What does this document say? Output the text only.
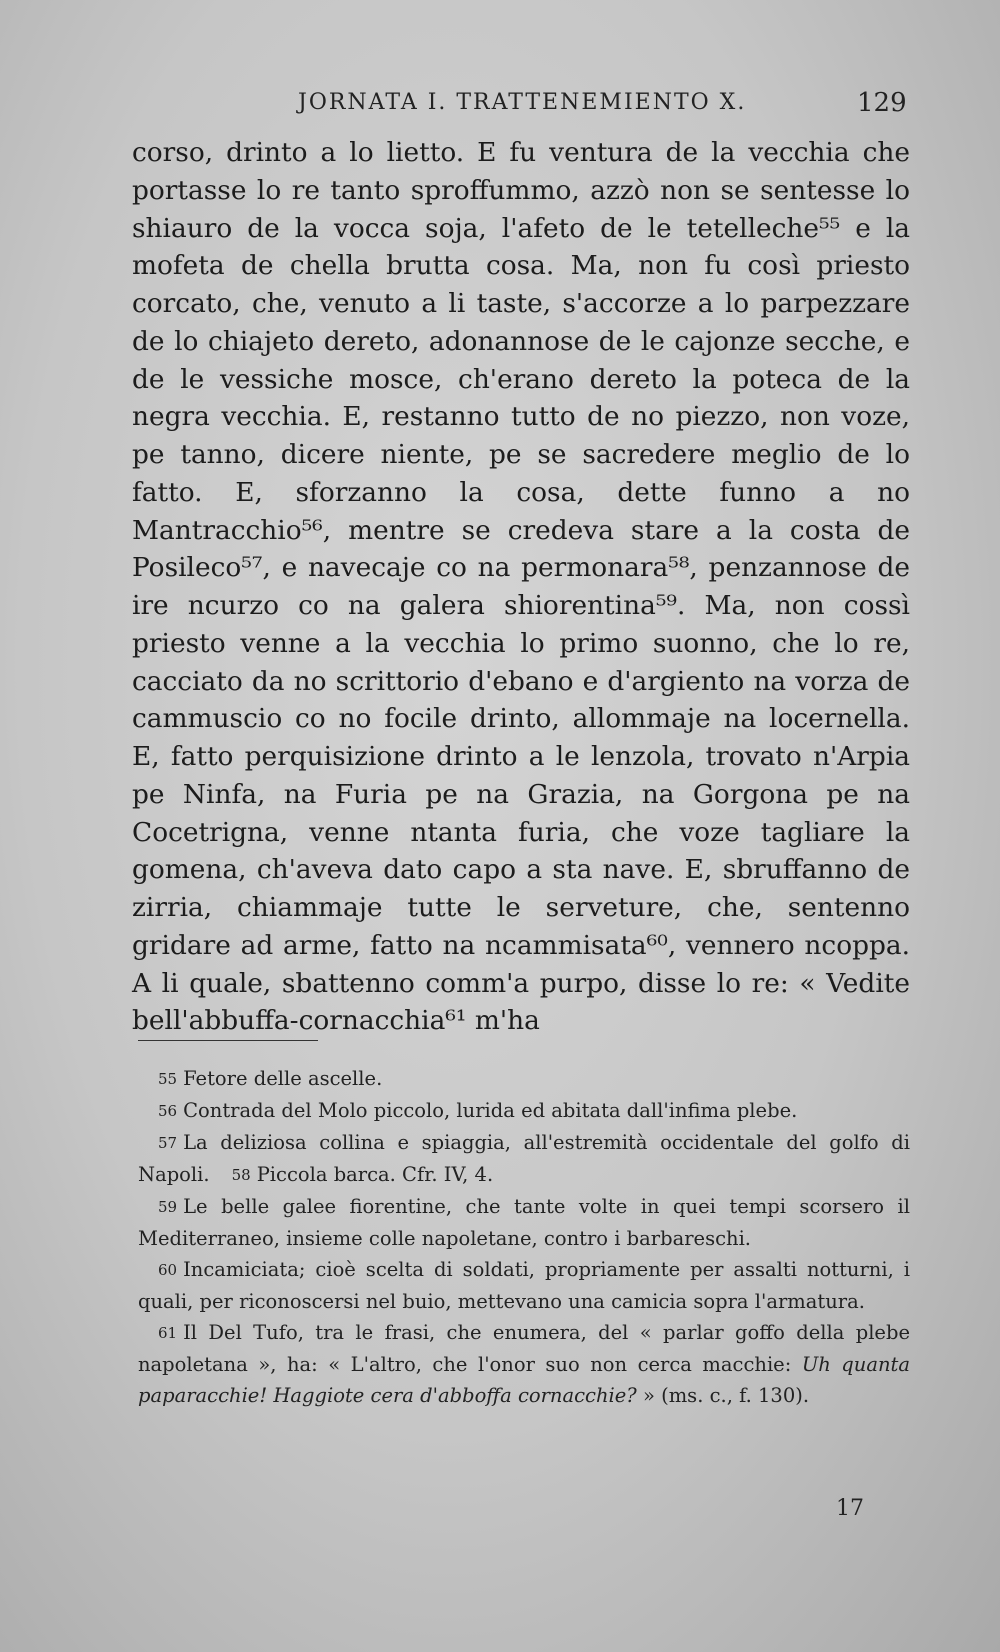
JORNATA I. TRATTENEMIENTO X.	129

corso, drinto a lo lietto. E fu ventura de la vecchia che portasse lo re tanto sproffummo, azzò non se sentesse lo shiauro de la vocca soja, l'afeto de le tetelleche⁵⁵ e la mofeta de chella brutta cosa. Ma, non fu così priesto corcato, che, venuto a li taste, s'accorze a lo parpezzare de lo chiajeto dereto, adonannose de le cajonze secche, e de le vessiche mosce, ch'erano dereto la poteca de la negra vecchia. E, restanno tutto de no piezzo, non voze, pe tanno, dicere niente, pe se sacredere meglio de lo fatto. E, sforzanno la cosa, dette funno a no Mantracchio⁵⁶, mentre se credeva stare a la costa de Posileco⁵⁷, e navecaje co na permonara⁵⁸, penzannose de ire ncurzo co na galera shiorentina⁵⁹. Ma, non cossì priesto venne a la vecchia lo primo suonno, che lo re, cacciato da no scrittorio d'ebano e d'argiento na vorza de cammuscio co no focile drinto, allommaje na locernella. E, fatto perquisizione drinto a le lenzola, trovato n'Arpia pe Ninfa, na Furia pe na Grazia, na Gorgona pe na Cocetrigna, venne ntanta furia, che voze tagliare la gomena, ch'aveva dato capo a sta nave. E, sbruffanno de zirria, chiammaje tutte le serveture, che, sentenno gridare ad arme, fatto na ncammisata⁶⁰, vennero ncoppa. A li quale, sbattenno comm'a purpo, disse lo re: « Vedite bell'abbuffa-cornacchia⁶¹ m'ha

55 Fetore delle ascelle.

56 Contrada del Molo piccolo, lurida ed abitata dall'infima plebe.

57 La deliziosa collina e spiaggia, all'estremità occidentale del golfo di Napoli. 58 Piccola barca. Cfr. IV, 4.

59 Le belle galee fiorentine, che tante volte in quei tempi scorsero il Mediterraneo, insieme colle napoletane, contro i barbareschi.

60 Incamiciata; cioè scelta di soldati, propriamente per assalti notturni, i quali, per riconoscersi nel buio, mettevano una camicia sopra l'armatura.

61 Il Del Tufo, tra le frasi, che enumera, del « parlar goffo della plebe napoletana », ha: « L'altro, che l'onor suo non cerca macchie: Uh quanta paparacchie! Haggiote cera d'abboffa cornacchie? » (ms. c., f. 130).

17
